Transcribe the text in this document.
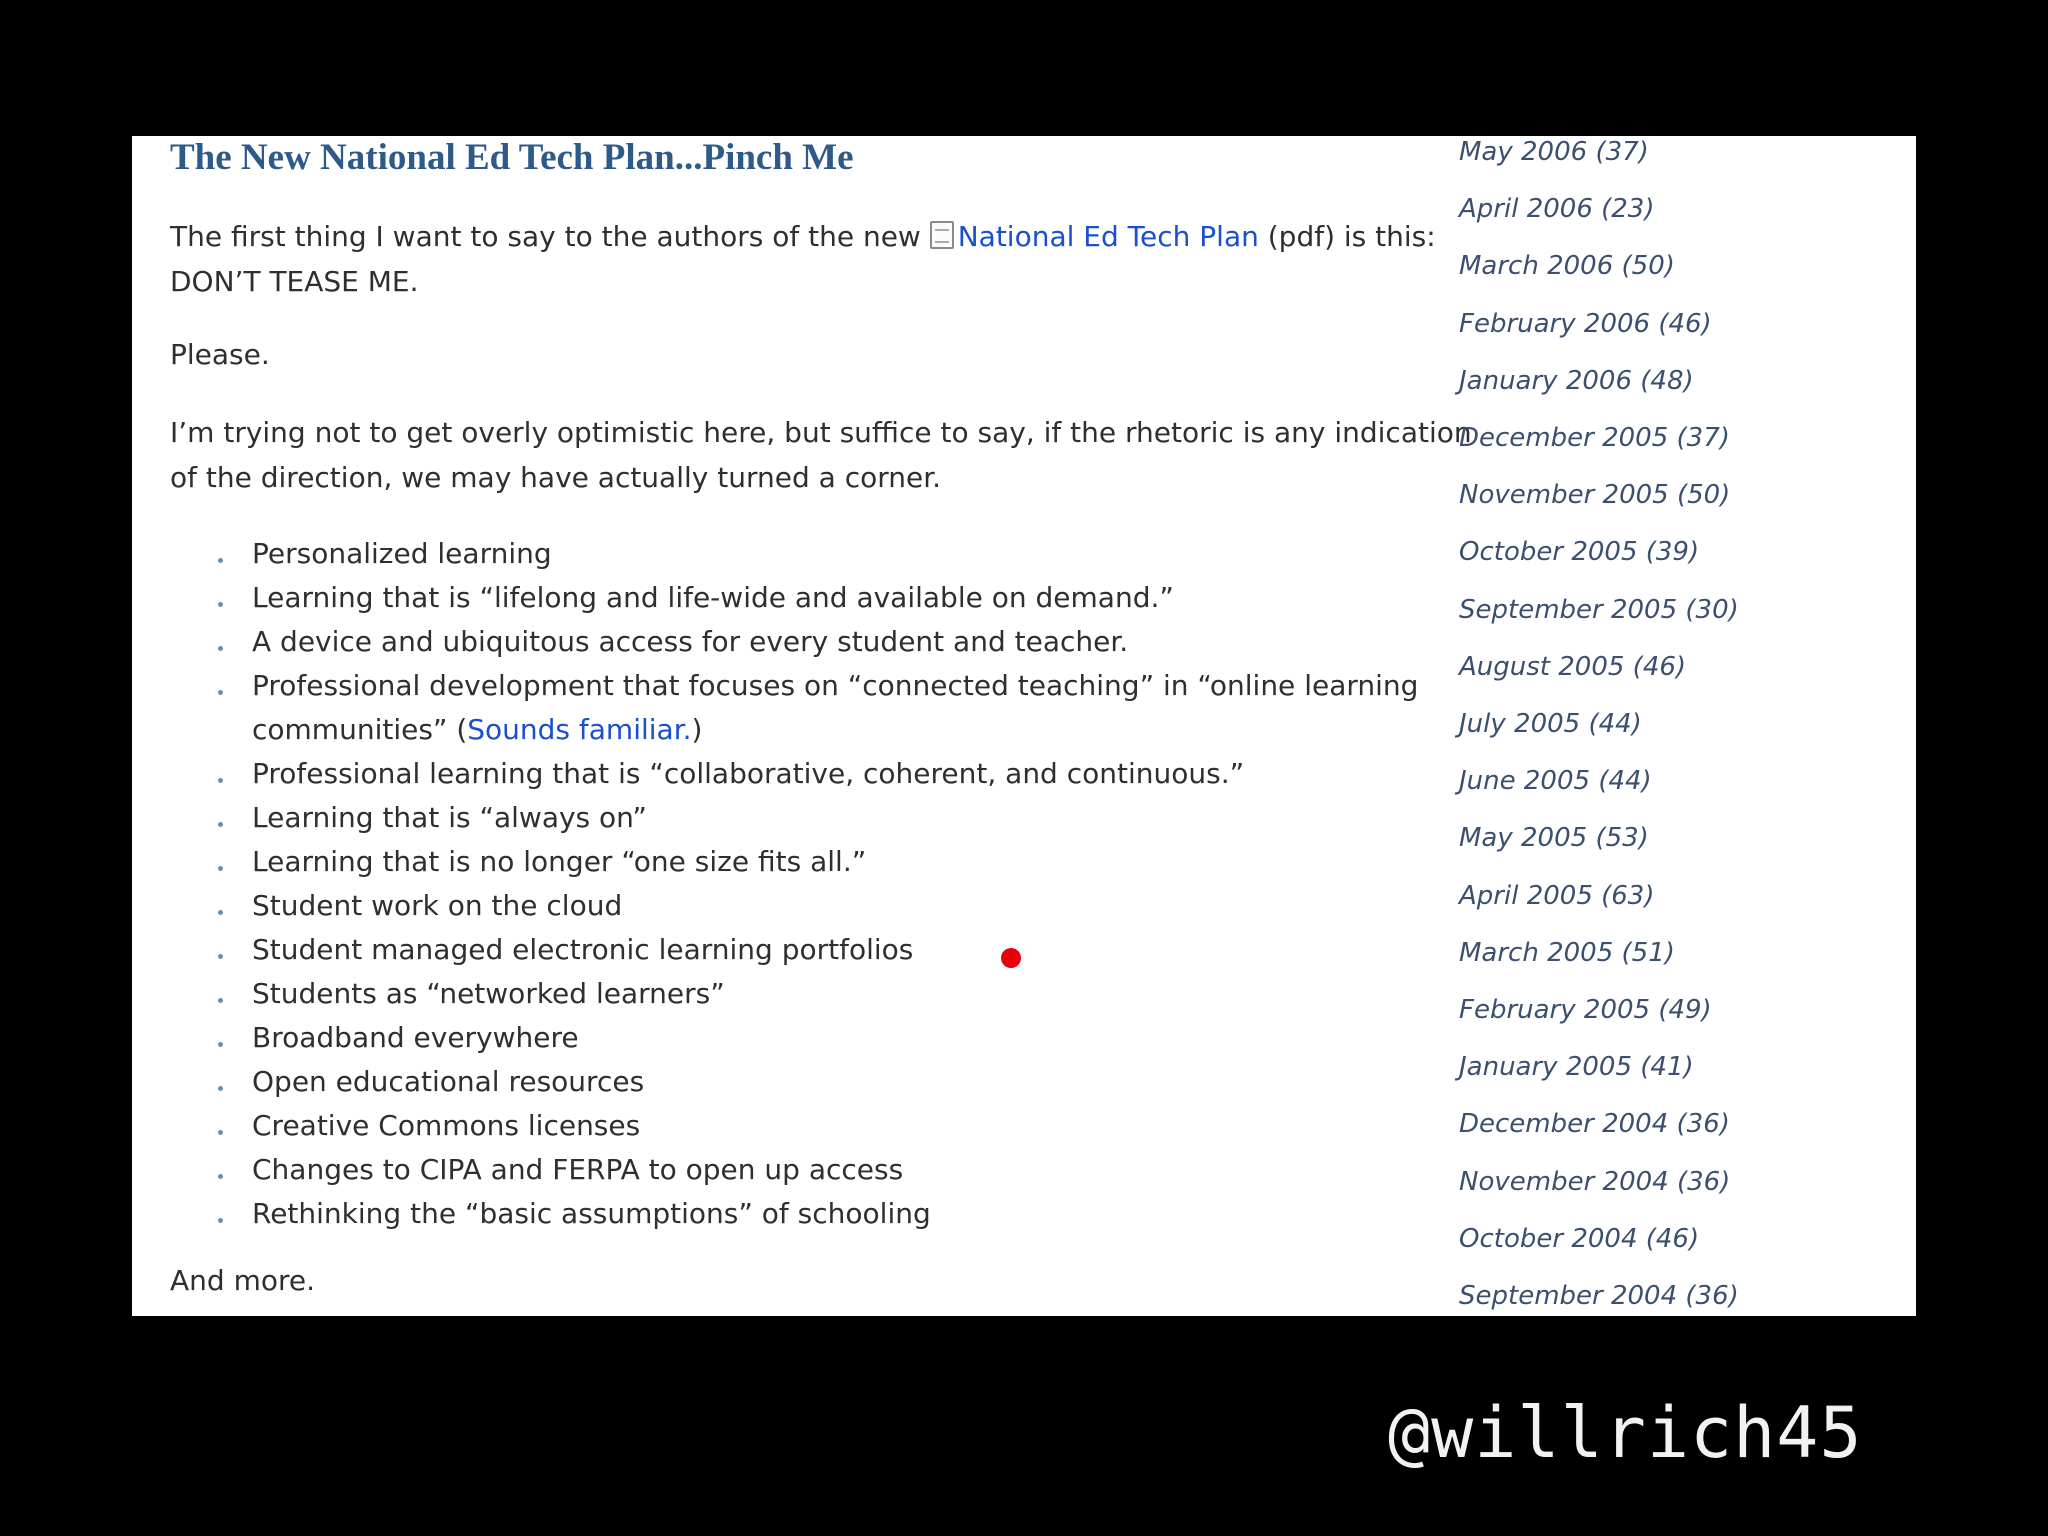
The New National Ed Tech Plan...Pinch Me

The first thing I want to say to the authors of the new National Ed Tech Plan (pdf) is this: DON’T TEASE ME.

Please.

I’m trying not to get overly optimistic here, but suffice to say, if the rhetoric is any indication of the direction, we may have actually turned a corner.

Personalized learning
Learning that is “lifelong and life-wide and available on demand.”
A device and ubiquitous access for every student and teacher.
Professional development that focuses on “connected teaching” in “online learning communities” (Sounds familiar.)
Professional learning that is “collaborative, coherent, and continuous.”
Learning that is “always on”
Learning that is no longer “one size fits all.”
Student work on the cloud
Student managed electronic learning portfolios
Students as “networked learners”
Broadband everywhere
Open educational resources
Creative Commons licenses
Changes to CIPA and FERPA to open up access
Rethinking the “basic assumptions” of schooling

And more.

May 2006 (37)
April 2006 (23)
March 2006 (50)
February 2006 (46)
January 2006 (48)
December 2005 (37)
November 2005 (50)
October 2005 (39)
September 2005 (30)
August 2005 (46)
July 2005 (44)
June 2005 (44)
May 2005 (53)
April 2005 (63)
March 2005 (51)
February 2005 (49)
January 2005 (41)
December 2004 (36)
November 2004 (36)
October 2004 (46)
September 2004 (36)
@willrich45
